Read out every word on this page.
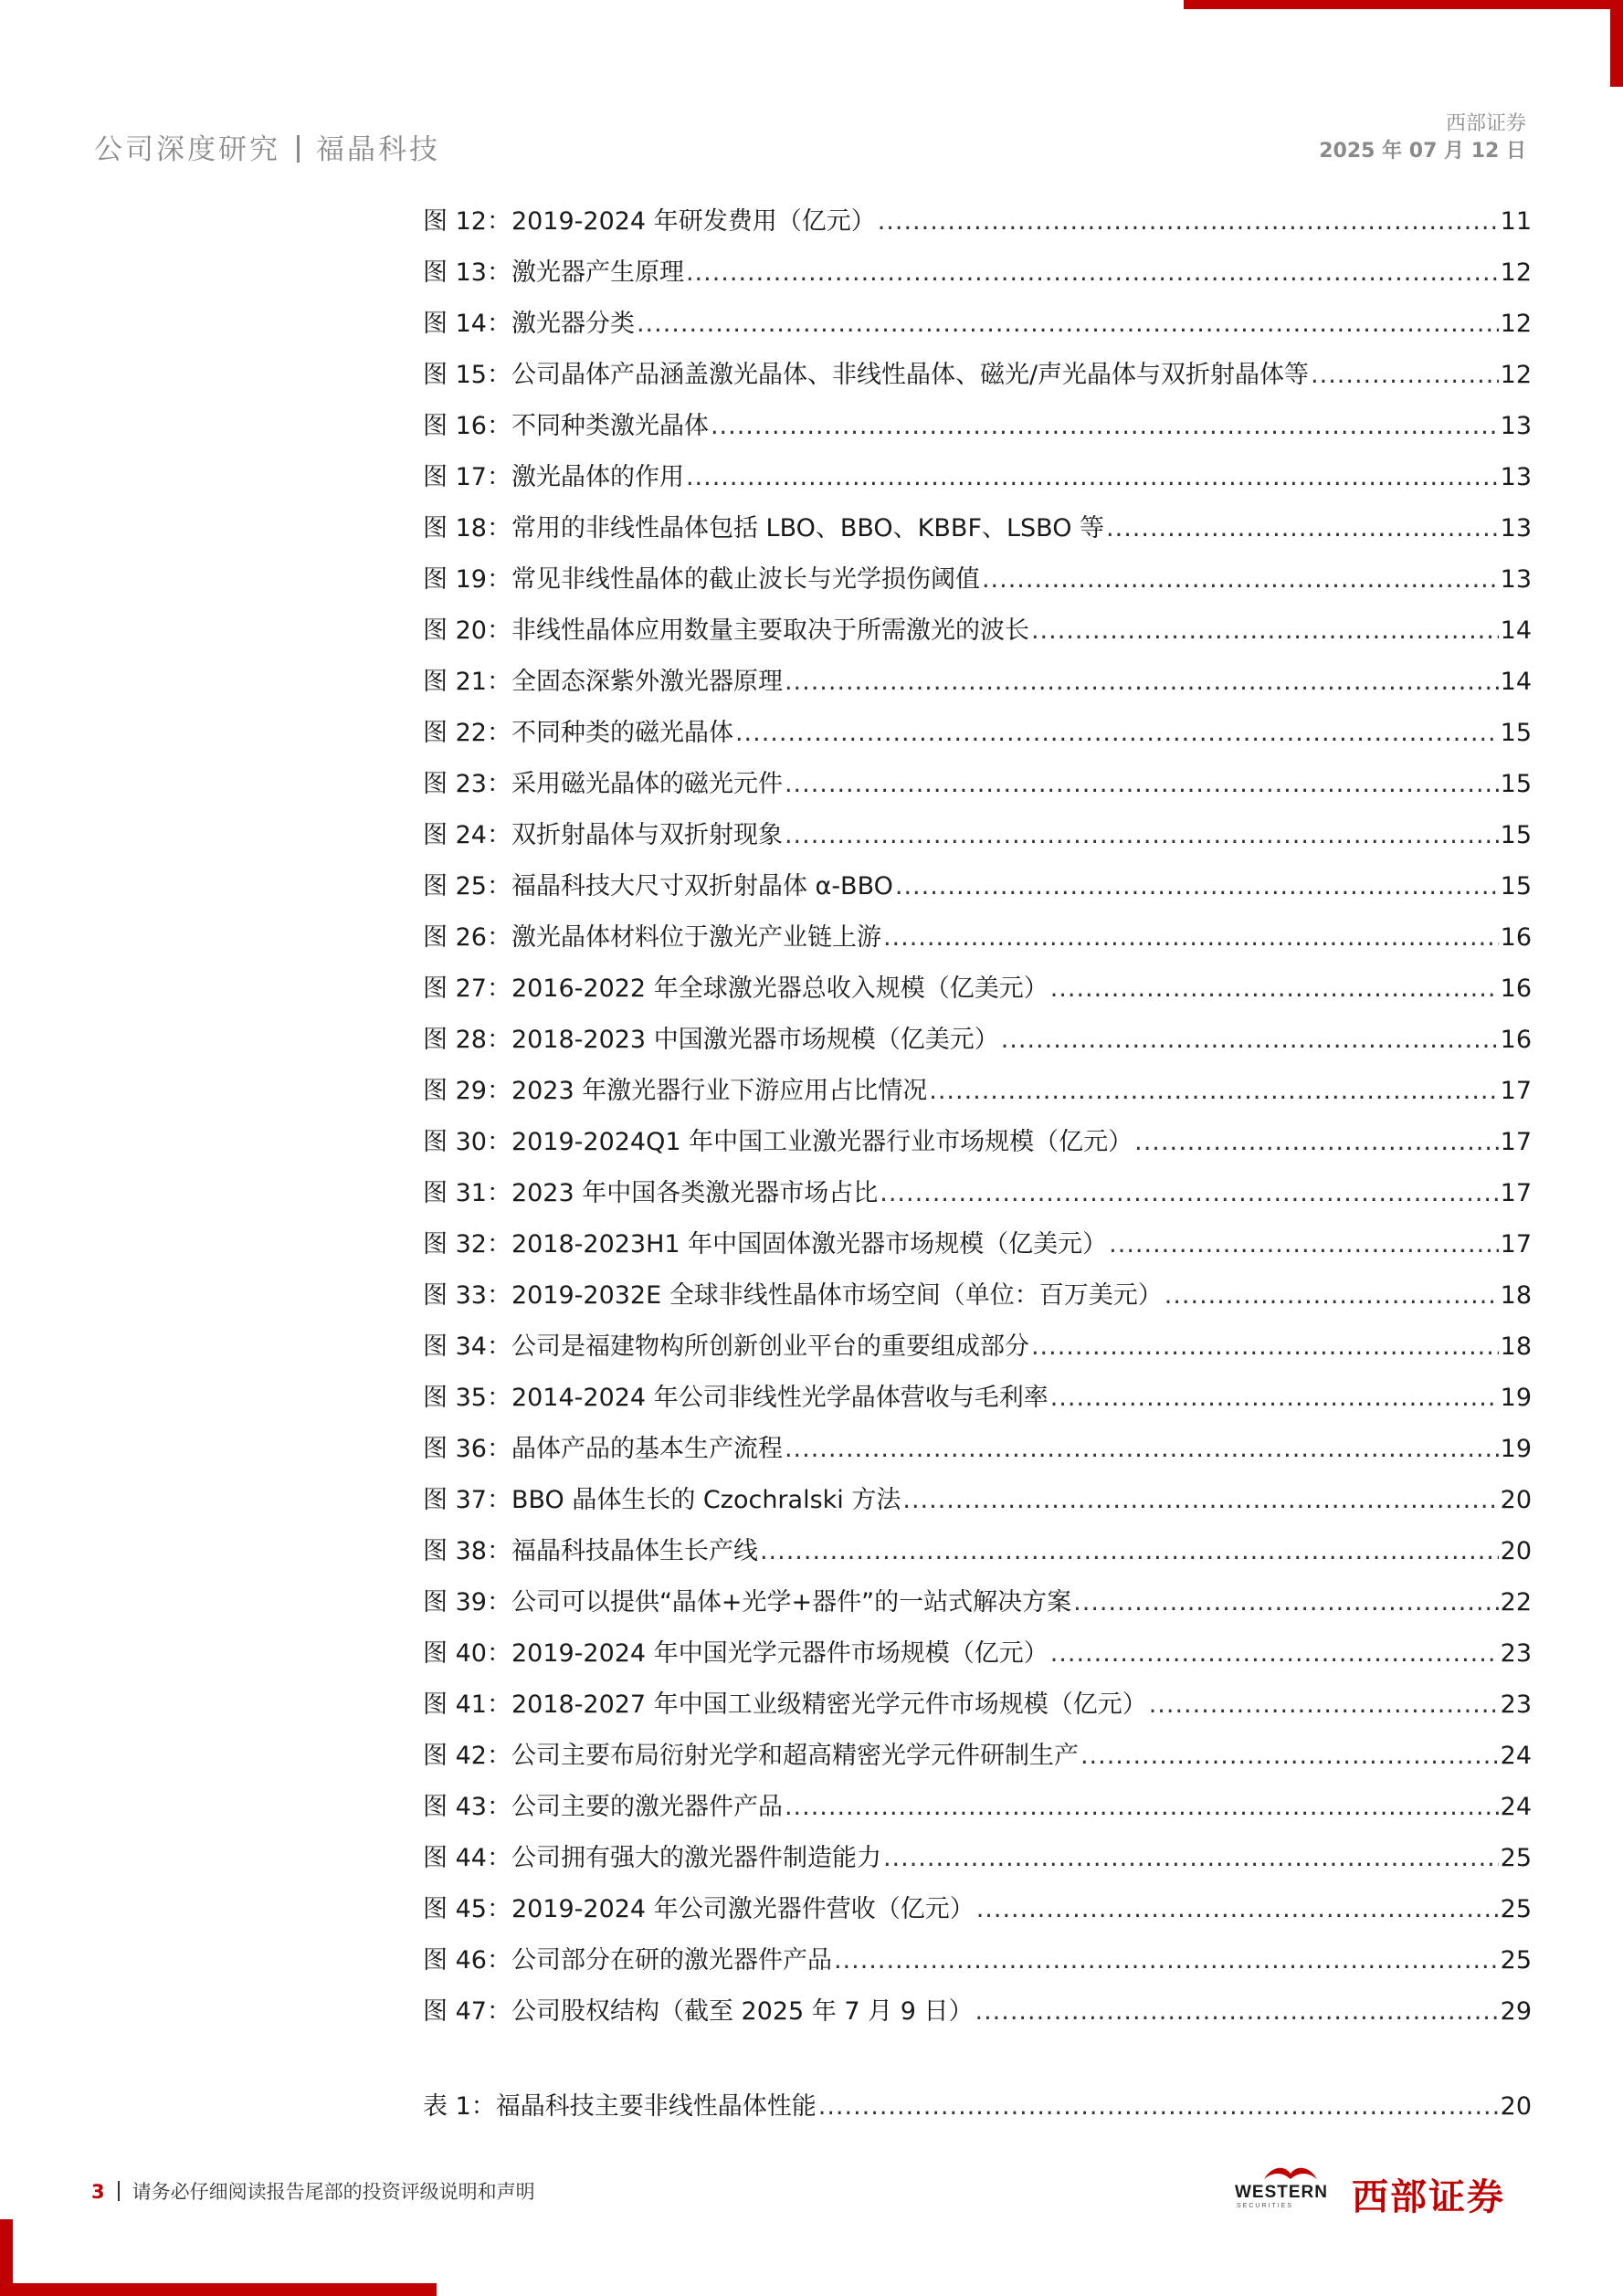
公司深度研究 福晶科技
西部证券
2025 年 07 月 12 日
图 12：2019-2024 年研发费用（亿元） .....	11
图 13：激光器产生原理 .....	12
图 14：激光器分类 .....	12
图 15：公司晶体产品涵盖激光晶体、非线性晶体、磁光/声光晶体与双折射晶体等 .....	12
图 16：不同种类激光晶体 .....	13
图 17：激光晶体的作用 .....	13
图 18：常用的非线性晶体包括 LBO、BBO、KBBF、LSBO 等 .....	13
图 19：常见非线性晶体的截止波长与光学损伤阈值 .....	13
图 20：非线性晶体应用数量主要取决于所需激光的波长 .....	14
图 21：全固态深紫外激光器原理 .....	14
图 22：不同种类的磁光晶体 .....	15
图 23：采用磁光晶体的磁光元件 .....	15
图 24：双折射晶体与双折射现象 .....	15
图 25：福晶科技大尺寸双折射晶体 α-BBO .....	15
图 26：激光晶体材料位于激光产业链上游 .....	16
图 27：2016-2022 年全球激光器总收入规模（亿美元） .....	16
图 28：2018-2023 中国激光器市场规模（亿美元） .....	16
图 29：2023 年激光器行业下游应用占比情况 .....	17
图 30：2019-2024Q1 年中国工业激光器行业市场规模（亿元） .....	17
图 31：2023 年中国各类激光器市场占比 .....	17
图 32：2018-2023H1 年中国固体激光器市场规模（亿美元） .....	17
图 33：2019-2032E 全球非线性晶体市场空间（单位：百万美元） .....	18
图 34：公司是福建物构所创新创业平台的重要组成部分 .....	18
图 35：2014-2024 年公司非线性光学晶体营收与毛利率 .....	19
图 36：晶体产品的基本生产流程 .....	19
图 37：BBO 晶体生长的 Czochralski 方法 .....	20
图 38：福晶科技晶体生长产线 .....	20
图 39：公司可以提供“晶体+光学+器件”的一站式解决方案 .....	22
图 40：2019-2024 年中国光学元器件市场规模（亿元） .....	23
图 41：2018-2027 年中国工业级精密光学元件市场规模（亿元） .....	23
图 42：公司主要布局衍射光学和超高精密光学元件研制生产 .....	24
图 43：公司主要的激光器件产品 .....	24
图 44：公司拥有强大的激光器件制造能力 .....	25
图 45：2019-2024 年公司激光器件营收（亿元） .....	25
图 46：公司部分在研的激光器件产品 .....	25
图 47：公司股权结构（截至 2025 年 7 月 9 日） .....	29
表 1：福晶科技主要非线性晶体性能 .....	20
3 请务必仔细阅读报告尾部的投资评级说明和声明	WESTERN
SECURITIES 西部证券
